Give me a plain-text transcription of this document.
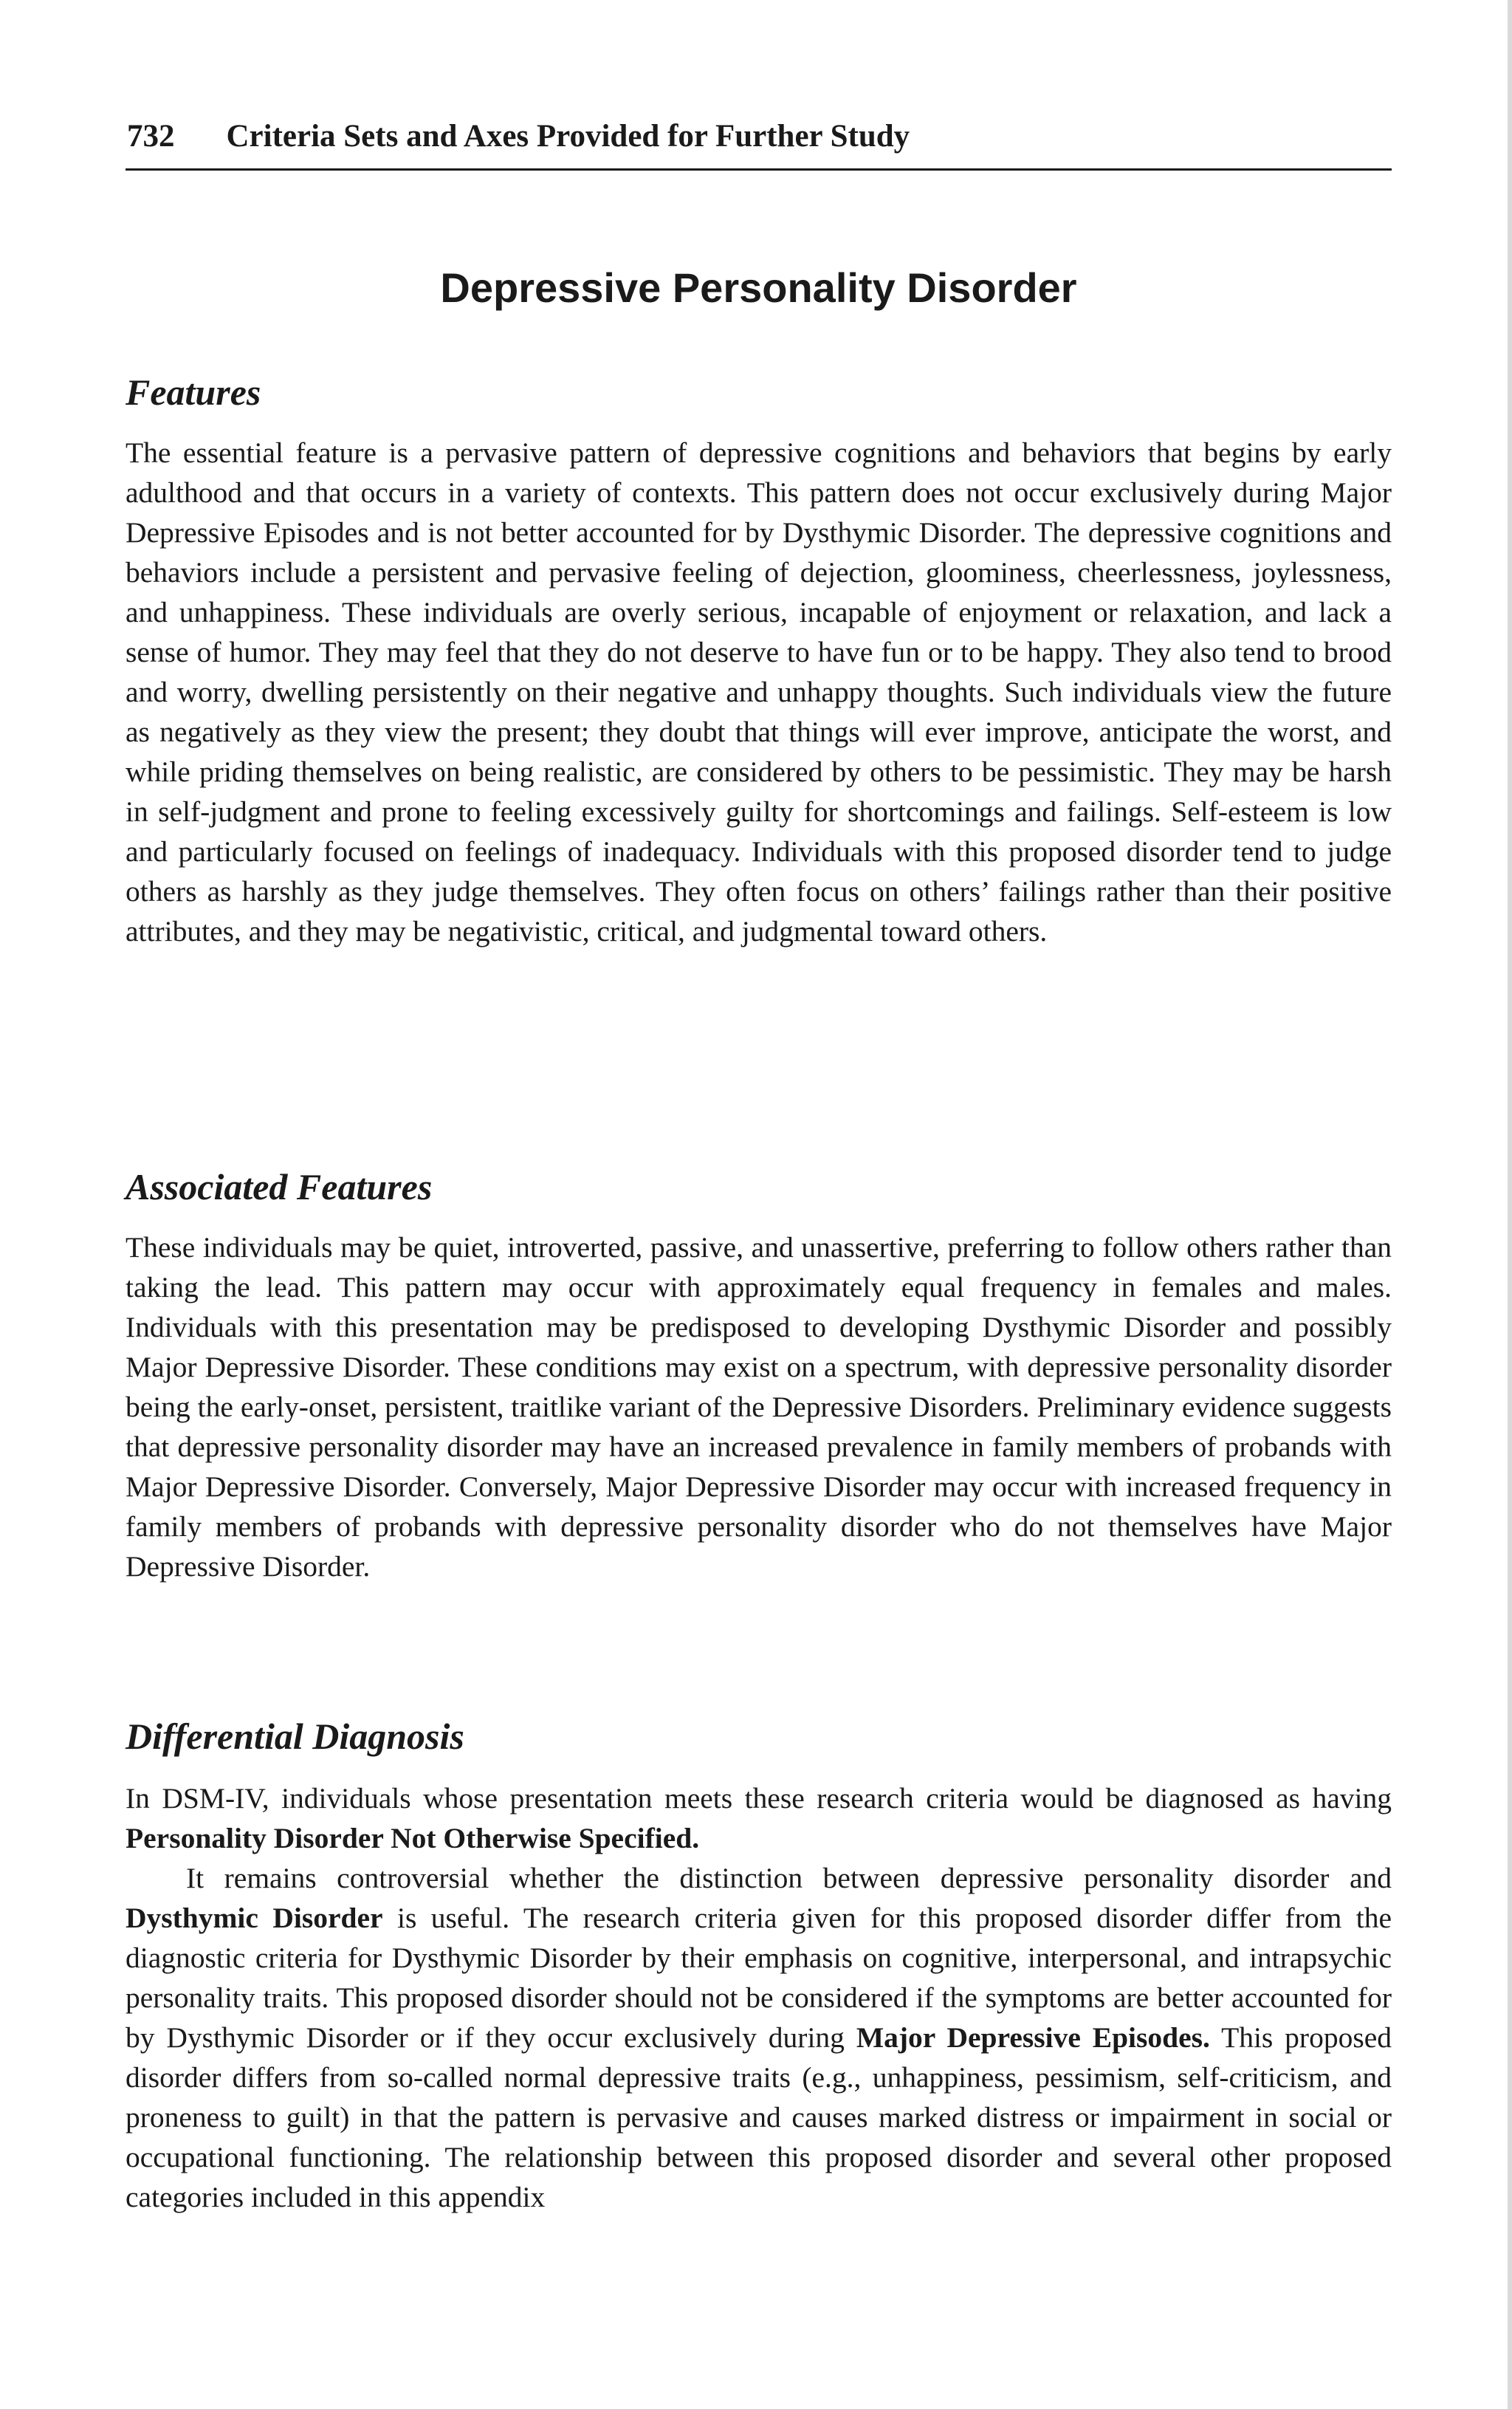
732 Criteria Sets and Axes Provided for Further Study
Depressive Personality Disorder
Features

The essential feature is a pervasive pattern of depressive cognitions and behaviors that begins by early adulthood and that occurs in a variety of contexts. This pattern does not occur exclusively during Major Depressive Episodes and is not better accounted for by Dysthymic Disorder. The depressive cognitions and behaviors include a persistent and pervasive feeling of dejection, gloominess, cheerlessness, joylessness, and unhappiness. These individuals are overly serious, incapable of enjoyment or relaxation, and lack a sense of humor. They may feel that they do not deserve to have fun or to be happy. They also tend to brood and worry, dwelling persistently on their negative and unhappy thoughts. Such individuals view the future as negatively as they view the present; they doubt that things will ever improve, anticipate the worst, and while priding themselves on being realistic, are considered by others to be pessimistic. They may be harsh in self-judgment and prone to feeling excessively guilty for shortcomings and failings. Self-esteem is low and particularly focused on feelings of inadequacy. Individuals with this proposed disorder tend to judge others as harshly as they judge themselves. They often focus on others’ failings rather than their positive attributes, and they may be negativistic, critical, and judgmental toward others.

Associated Features

These individuals may be quiet, introverted, passive, and unassertive, preferring to follow others rather than taking the lead. This pattern may occur with approximately equal frequency in females and males. Individuals with this presentation may be predisposed to developing Dysthymic Disorder and possibly Major Depressive Disorder. These conditions may exist on a spectrum, with depressive personality disorder being the early-onset, persistent, traitlike variant of the Depressive Disorders. Preliminary evidence suggests that depressive personality disorder may have an increased prevalence in family members of probands with Major Depressive Disorder. Conversely, Major Depressive Disorder may occur with increased frequency in family members of probands with depressive personality disorder who do not themselves have Major Depressive Disorder.

Differential Diagnosis

In DSM-IV, individuals whose presentation meets these research criteria would be diagnosed as having Personality Disorder Not Otherwise Specified.

It remains controversial whether the distinction between depressive personality disorder and Dysthymic Disorder is useful. The research criteria given for this proposed disorder differ from the diagnostic criteria for Dysthymic Disorder by their emphasis on cognitive, interpersonal, and intrapsychic personality traits. This proposed disorder should not be considered if the symptoms are better accounted for by Dysthymic Disorder or if they occur exclusively during Major Depressive Episodes. This proposed disorder differs from so-called normal depressive traits (e.g., unhappiness, pessimism, self-criticism, and proneness to guilt) in that the pattern is pervasive and causes marked distress or impairment in social or occupational functioning. The relationship between this proposed disorder and several other proposed categories included in this appendix
